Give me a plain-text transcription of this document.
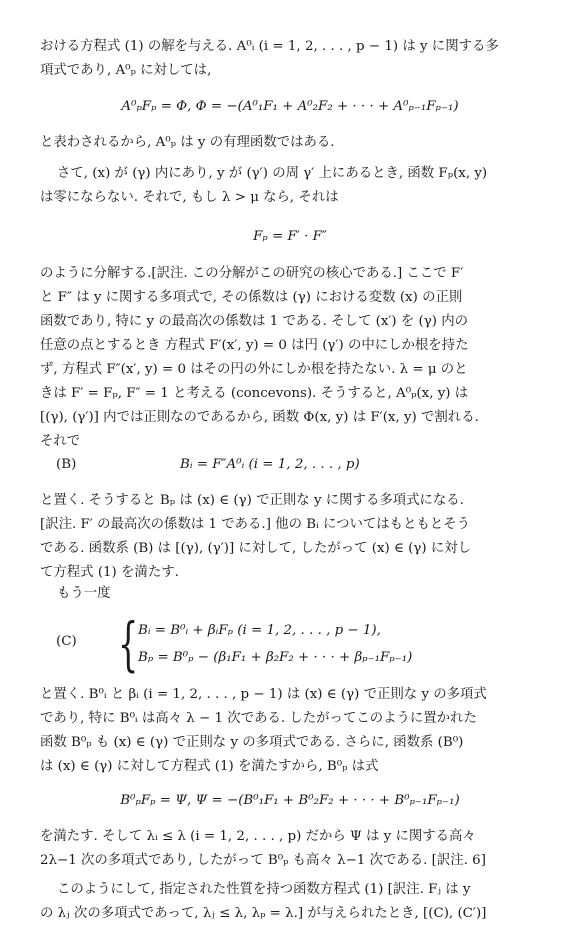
おける方程式 (1) の解を与える. A⁰ᵢ (i = 1, 2, . . . , p − 1) は y に関する多
項式であり, A⁰ₚ に対しては,
A⁰ₚFₚ = Φ, Φ = −(A⁰₁F₁ + A⁰₂F₂ + · · · + A⁰ₚ₋₁Fₚ₋₁)
と表わされるから, A⁰ₚ は y の有理函数ではある.
さて, (x) が (γ) 内にあり, y が (γ′) の周 γ′ 上にあるとき, 函数 Fₚ(x, y)
は零にならない. それで, もし λ > μ なら, それは
Fₚ = F′ · F″
のように分解する.[訳注. この分解がこの研究の核心である.] ここで F′
と F″ は y に関する多項式で, その係数は (γ) における変数 (x) の正則
函数であり, 特に y の最高次の係数は 1 である. そして (x′) を (γ) 内の
任意の点とするとき 方程式 F′(x′, y) = 0 は円 (γ′) の中にしか根を持た
ず, 方程式 F″(x′, y) = 0 はその円の外にしか根を持たない. λ = μ のと
きは F′ = Fₚ, F″ = 1 と考える (concevons). そうすると, A⁰ₚ(x, y) は
[(γ), (γ′)] 内では正則なのであるから, 函数 Φ(x, y) は F′(x, y) で割れる.
それで
(B)	Bᵢ = F″A⁰ᵢ (i = 1, 2, . . . , p)
と置く. そうすると Bₚ は (x) ∈ (γ) で正則な y に関する多項式になる.
[訳注. F′ の最高次の係数は 1 である.] 他の Bᵢ についてはもともとそう
である. 函数系 (B) は [(γ), (γ′)] に対して, したがって (x) ∈ (γ) に対し
て方程式 (1) を満たす.
もう一度
(C) { Bᵢ = B⁰ᵢ + βᵢFₚ (i = 1, 2, . . . , p − 1),
Bₚ = B⁰ₚ − (β₁F₁ + β₂F₂ + · · · + βₚ₋₁Fₚ₋₁)
と置く. B⁰ᵢ と βᵢ (i = 1, 2, . . . , p − 1) は (x) ∈ (γ) で正則な y の多項式
であり, 特に B⁰ᵢ は高々 λ − 1 次である. したがってこのように置かれた
函数 B⁰ₚ も (x) ∈ (γ) で正則な y の多項式である. さらに, 函数系 (B⁰)
は (x) ∈ (γ) に対して方程式 (1) を満たすから, B⁰ₚ は式
B⁰ₚFₚ = Ψ, Ψ = −(B⁰₁F₁ + B⁰₂F₂ + · · · + B⁰ₚ₋₁Fₚ₋₁)
を満たす. そして λᵢ ≤ λ (i = 1, 2, . . . , p) だから Ψ は y に関する高々
2λ−1 次の多項式であり, したがって B⁰ₚ も高々 λ−1 次である. [訳注. 6]
このようにして, 指定された性質を持つ函数方程式 (1) [訳注. Fⱼ は y
の λⱼ 次の多項式であって, λⱼ ≤ λ, λₚ = λ.] が与えられたとき, [(C), (C′)]
